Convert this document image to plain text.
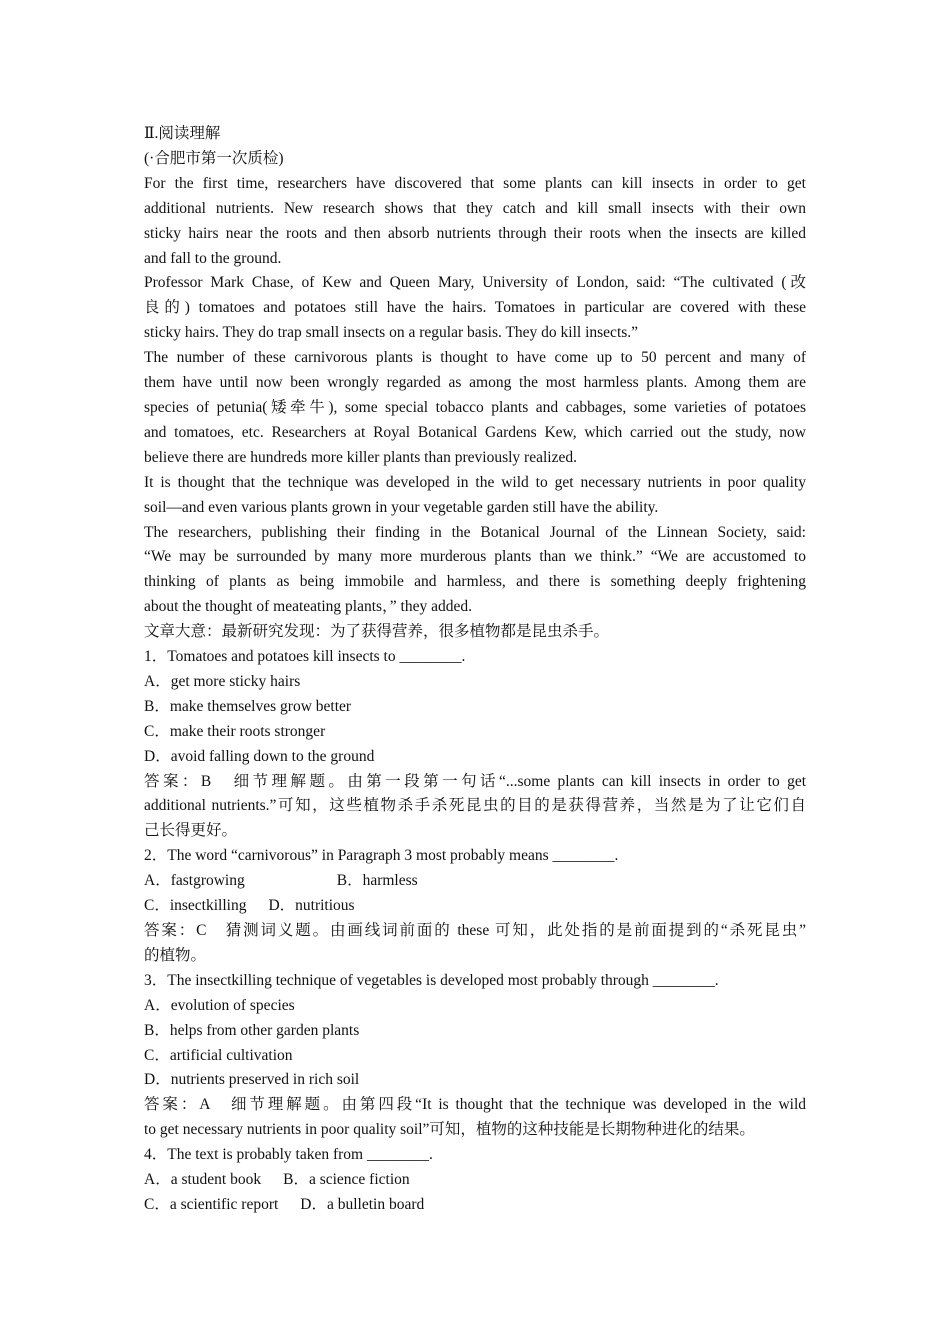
Ⅱ.阅读理解
(·合肥市第一次质检)
For the first time, researchers have discovered that some plants can kill insects in order to get
additional nutrients. New research shows that they catch and kill small insects with their own
sticky hairs near the roots and then absorb nutrients through their roots when the insects are killed
and fall to the ground.
Professor Mark Chase, of Kew and Queen Mary, University of London, said: “The cultivated (改
良的) tomatoes and potatoes still have the hairs. Tomatoes in particular are covered with these
sticky hairs. They do trap small insects on a regular basis. They do kill insects.”
The number of these carnivorous plants is thought to have come up to 50 percent and many of
them have until now been wrongly regarded as among the most harmless plants. Among them are
species of petunia(矮牵牛), some special tobacco plants and cabbages, some varieties of potatoes
and tomatoes, etc. Researchers at Royal Botanical Gardens Kew, which carried out the study, now
believe there are hundreds more killer plants than previously realized.
It is thought that the technique was developed in the wild to get necessary nutrients in poor quality
soil—and even various plants grown in your vegetable garden still have the ability.
The researchers, publishing their finding in the Botanical Journal of the Linnean Society, said:
“We may be surrounded by many more murderous plants than we think.” “We are accustomed to
thinking of plants as being immobile and harmless, and there is something deeply frightening
about the thought of meateating plants，” they added.
文章大意：最新研究发现：为了获得营养，很多植物都是昆虫杀手。
1．Tomatoes and potatoes kill insects to ________.
A．get more sticky hairs
B．make themselves grow better
C．make their roots stronger
D．avoid falling down to the ground
答案：B　细节理解题。由第一段第一句话“...some plants can kill insects in order to get
additional nutrients.”可知，这些植物杀手杀死昆虫的目的是获得营养，当然是为了让它们自
己长得更好。
2．The word “carnivorous” in Paragraph 3 most probably means ________.
A．fastgrowing	B．harmless
C．insectkilling D．nutritious
答案：C　猜测词义题。由画线词前面的 these 可知，此处指的是前面提到的“杀死昆虫”
的植物。
3．The insectkilling technique of vegetables is developed most probably through ________.
A．evolution of species
B．helps from other garden plants
C．artificial cultivation
D．nutrients preserved in rich soil
答案：A　细节理解题。由第四段“It is thought that the technique was developed in the wild
to get necessary nutrients in poor quality soil”可知，植物的这种技能是长期物种进化的结果。
4．The text is probably taken from ________.
A．a student book B．a science fiction
C．a scientific report D．a bulletin board
